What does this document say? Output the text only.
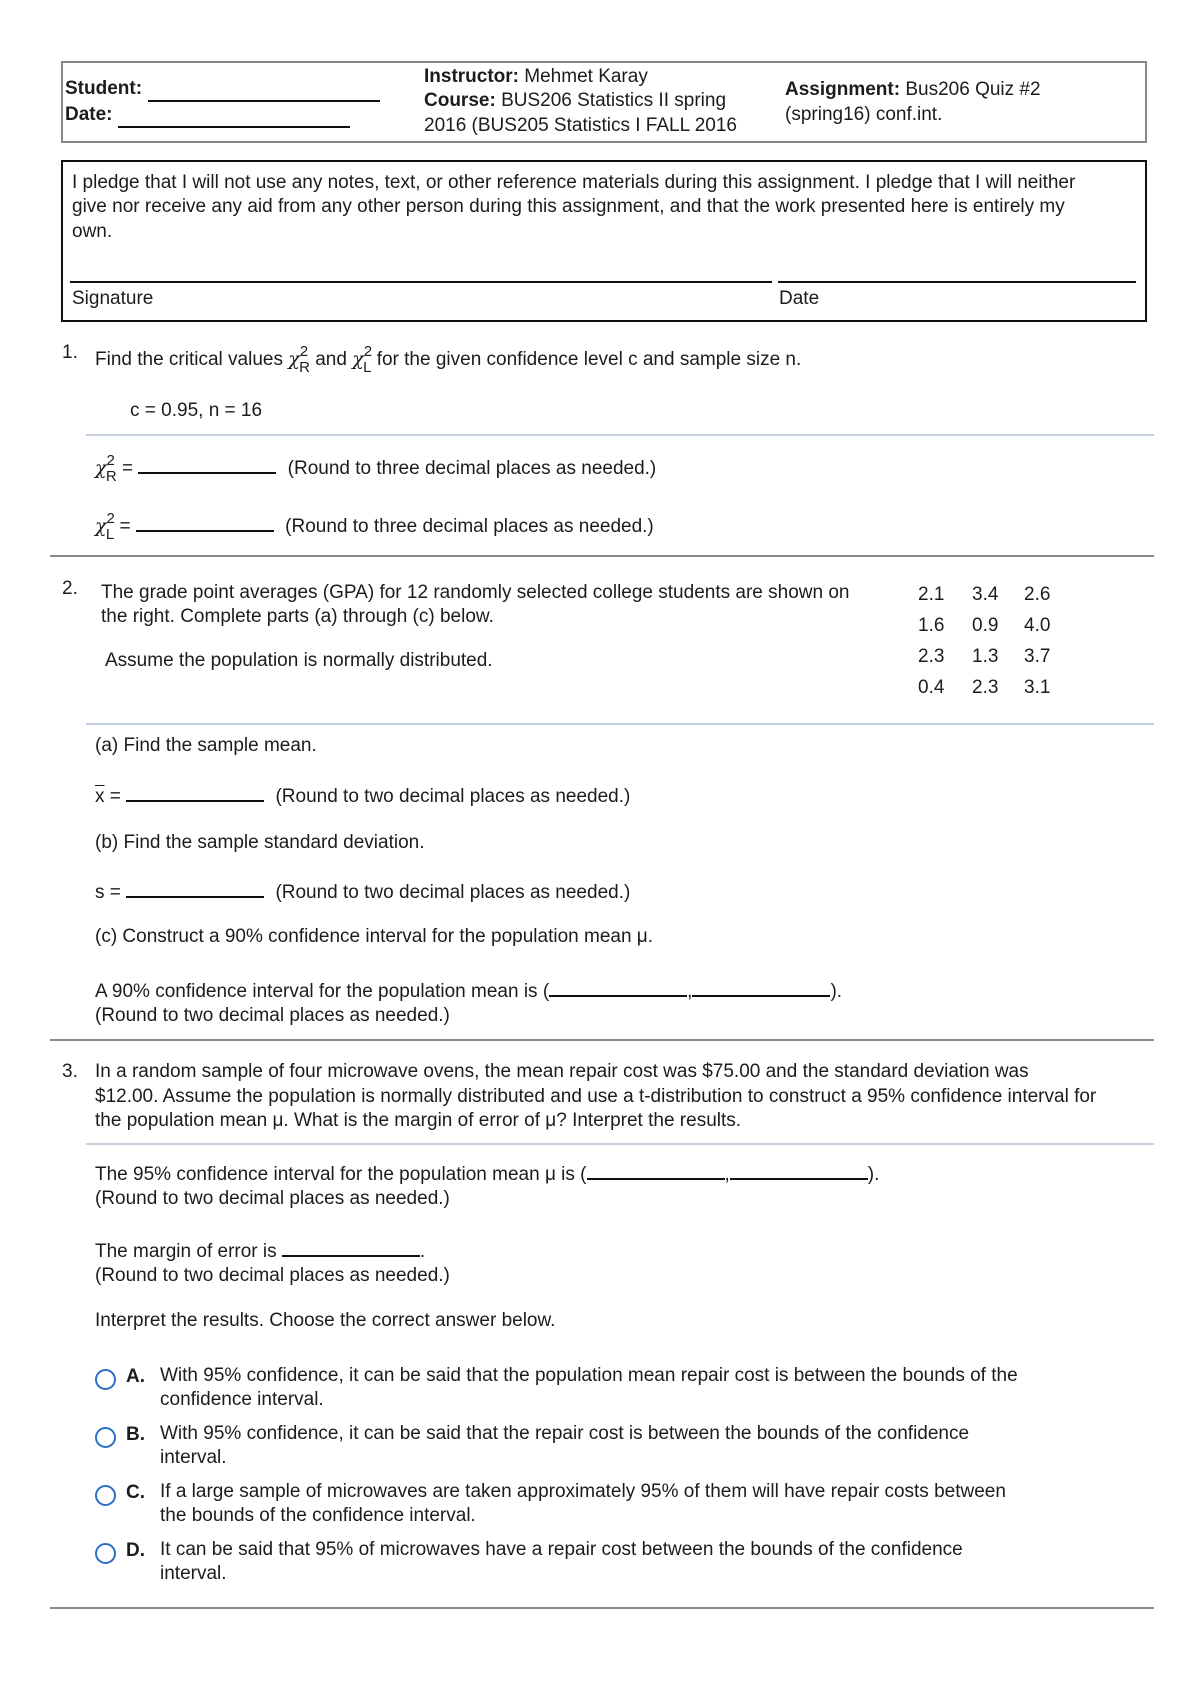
Student:
Date:
Instructor: Mehmet Karay
Course: BUS206 Statistics II spring
2016 (BUS205 Statistics I FALL 2016
Assignment: Bus206 Quiz #2
(spring16) conf.int.
I pledge that I will not use any notes, text, or other reference materials during this assignment. I pledge that I will neither
give nor receive any aid from any other person during this assignment, and that the work presented here is entirely my
own.
Signature	Date
1. Find the critical values $\chi^2_R$ and $\chi^2_L$ for the given confidence level c and sample size n.
c = 0.95, n = 16
$\chi^2_R$ =	(Round to three decimal places as needed.)
$\chi^2_L$ =	(Round to three decimal places as needed.)
2. The grade point averages (GPA) for 12 randomly selected college students are shown on
the right. Complete parts (a) through (c) below.
Assume the population is normally distributed.
2.1 3.4 2.6
1.6 0.9 4.0
2.3 1.3 3.7
0.4 2.3 3.1
(a) Find the sample mean.
$\overline{x}$ =	(Round to two decimal places as needed.)
(b) Find the sample standard deviation.
s =	(Round to two decimal places as needed.)
(c) Construct a 90% confidence interval for the population mean μ.
A 90% confidence interval for the population mean is (	,	).
(Round to two decimal places as needed.)
3. In a random sample of four microwave ovens, the mean repair cost was $75.00 and the standard deviation was
$12.00. Assume the population is normally distributed and use a t-distribution to construct a 95% confidence interval for
the population mean μ. What is the margin of error of μ? Interpret the results.
The 95% confidence interval for the population mean μ is (	,	).
(Round to two decimal places as needed.)
The margin of error is	.
(Round to two decimal places as needed.)
Interpret the results. Choose the correct answer below.
A. With 95% confidence, it can be said that the population mean repair cost is between the bounds of the
confidence interval.
B. With 95% confidence, it can be said that the repair cost is between the bounds of the confidence
interval.
C. If a large sample of microwaves are taken approximately 95% of them will have repair costs between
the bounds of the confidence interval.
D. It can be said that 95% of microwaves have a repair cost between the bounds of the confidence
interval.
